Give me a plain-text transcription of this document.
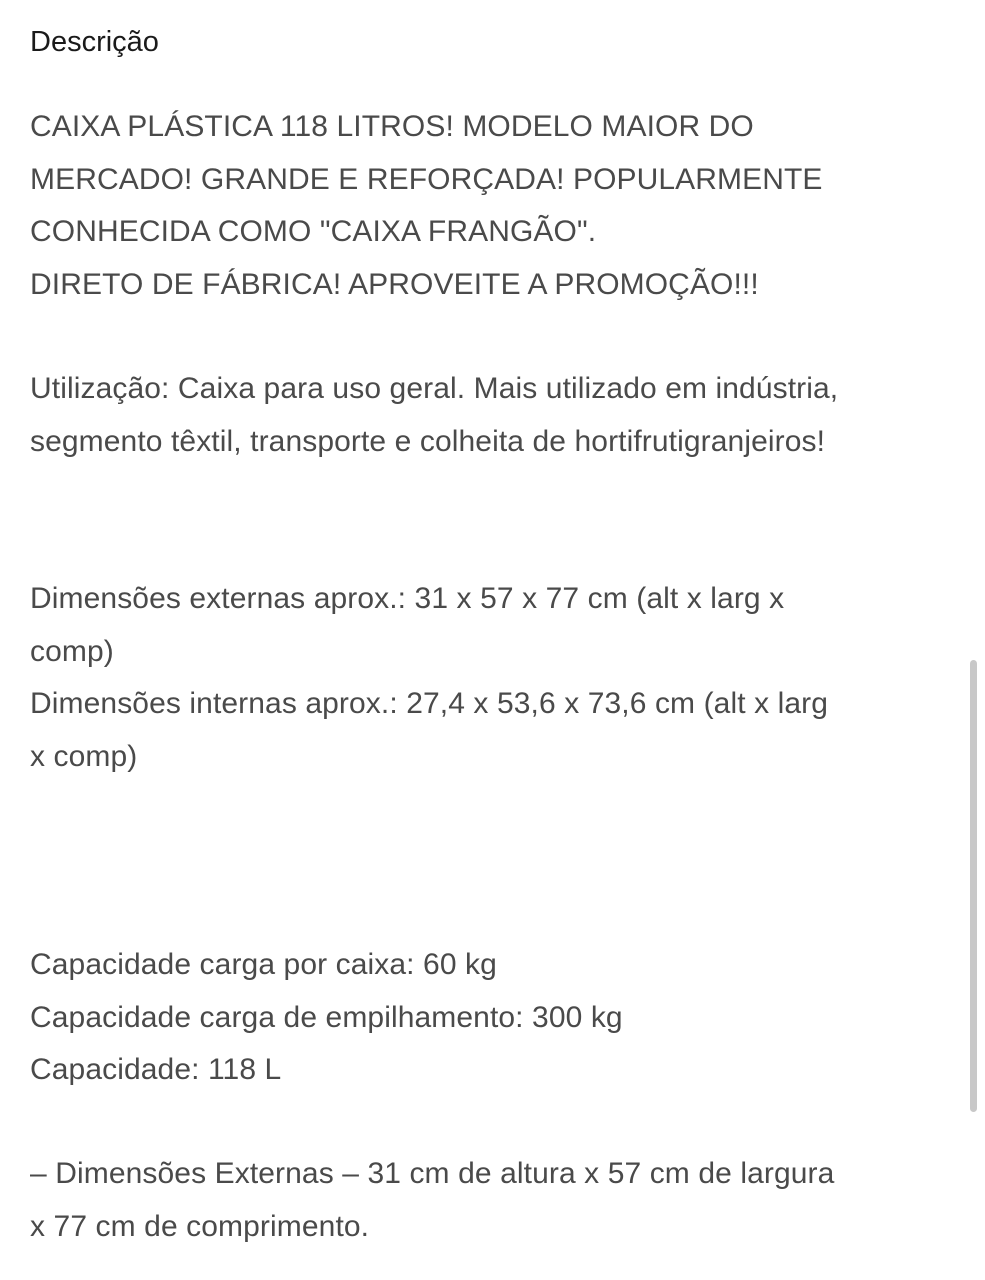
Descrição

CAIXA PLÁSTICA 118 LITROS! MODELO MAIOR DO
MERCADO! GRANDE E REFORÇADA! POPULARMENTE
CONHECIDA COMO "CAIXA FRANGÃO".
DIRETO DE FÁBRICA! APROVEITE A PROMOÇÃO!!!

Utilização: Caixa para uso geral. Mais utilizado em indústria,
segmento têxtil, transporte e colheita de hortifrutigranjeiros!

Dimensões externas aprox.: 31 x 57 x 77 cm (alt x larg x
comp)
Dimensões internas aprox.: 27,4 x 53,6 x 73,6 cm (alt x larg
x comp)

Capacidade carga por caixa: 60 kg
Capacidade carga de empilhamento: 300 kg
Capacidade: 118 L

– Dimensões Externas – 31 cm de altura x 57 cm de largura
x 77 cm de comprimento.
